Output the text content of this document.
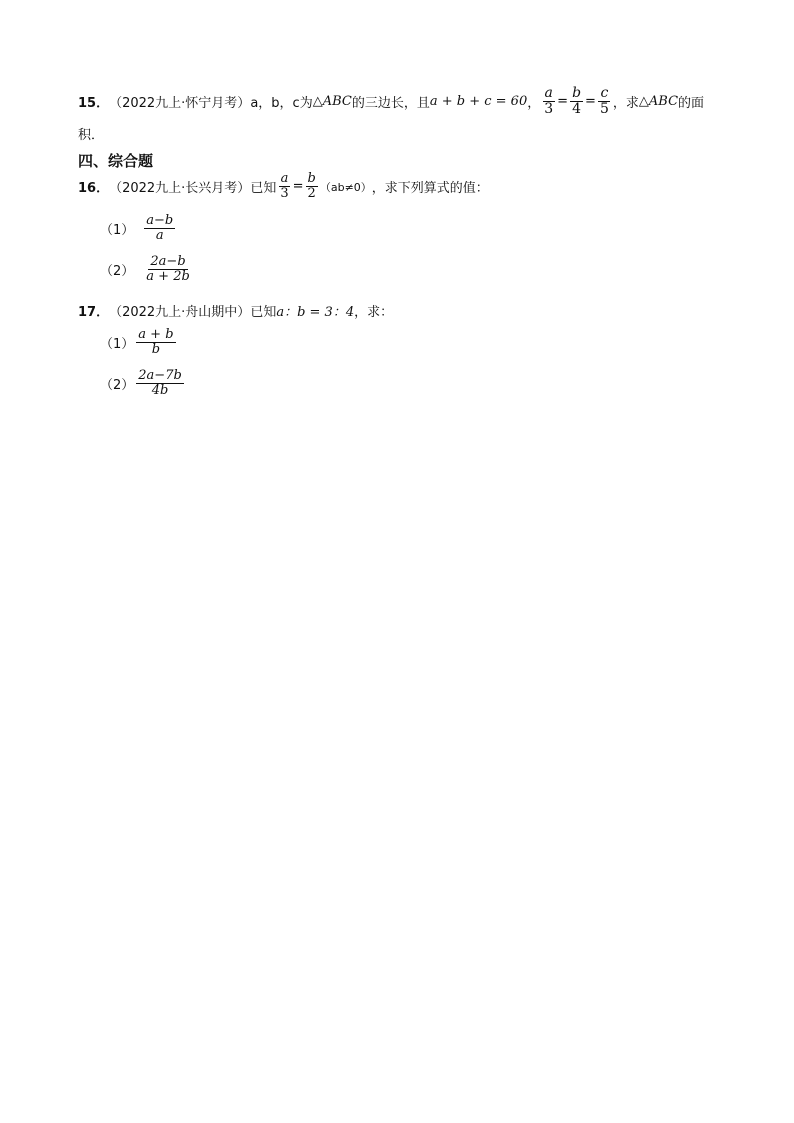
15． （2022九上·怀宁月考） a，b，c 为 △ ABC 的三边长，且 a + b + c = 60 ， $\frac{a}{3} = \frac{b}{4} = \frac{c}{5}$ ，求 △ ABC 的面
积．
四、综合题
16． （2022九上·长兴月考） 已知 $\frac{a}{3} = \frac{b}{2} (ab\ne 0)$ ，求下列算式的值：
$(1) \frac{a-b}{a}$
$(2) \frac{2a-b}{a + 2b}$
17． （2022九上·舟山期中） 已知 a：b = 3：4 ，求：
$(1) \frac{a + b}{b}$
$(2) \frac{2a-7b}{4b}$
